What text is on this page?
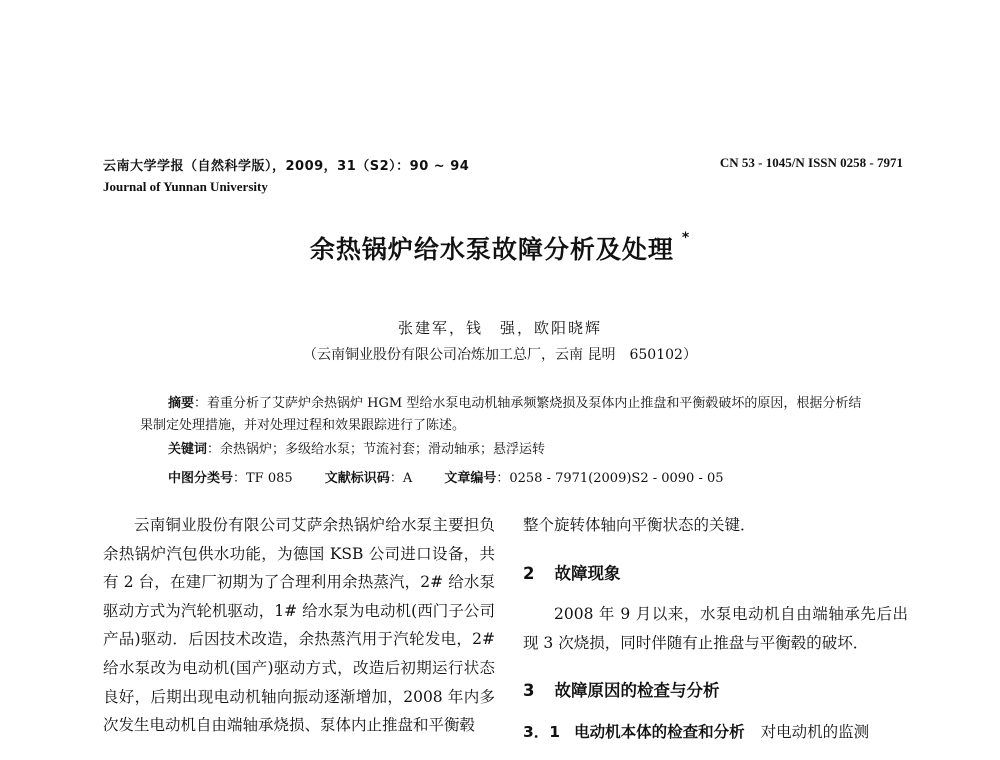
云南大学学报（自然科学版），2009，31（S2）：90 ~ 94	CN 53 - 1045/N ISSN 0258 - 7971
Journal of Yunnan University
余热锅炉给水泵故障分析及处理 *
张建军，钱　强，欧阳晓辉
（云南铜业股份有限公司冶炼加工总厂，云南 昆明　650102）
摘要：着重分析了艾萨炉余热锅炉 HGM 型给水泵电动机轴承频繁烧损及泵体内止推盘和平衡毂破坏的原因，根据分析结果制定处理措施，并对处理过程和效果跟踪进行了陈述。
关键词：余热锅炉；多级给水泵；节流衬套；滑动轴承；悬浮运转
中图分类号：TF 085 文献标识码：A 文章编号：0258 - 7971(2009)S2 - 0090 - 05

云南铜业股份有限公司艾萨余热锅炉给水泵主要担负余热锅炉汽包供水功能，为德国 KSB 公司进口设备，共有 2 台，在建厂初期为了合理利用余热蒸汽，2# 给水泵驱动方式为汽轮机驱动，1# 给水泵为电动机(西门子公司产品)驱动．后因技术改造，余热蒸汽用于汽轮发电，2# 给水泵改为电动机(国产)驱动方式，改造后初期运行状态良好，后期出现电动机轴向振动逐渐增加，2008 年内多次发生电动机自由端轴承烧损、泵体内止推盘和平衡毂

整个旋转体轴向平衡状态的关键．

2 故障现象

2008 年 9 月以来，水泵电动机自由端轴承先后出现 3 次烧损，同时伴随有止推盘与平衡毂的破坏．

3 故障原因的检查与分析

3．1 电动机本体的检查和分析 对电动机的监测
